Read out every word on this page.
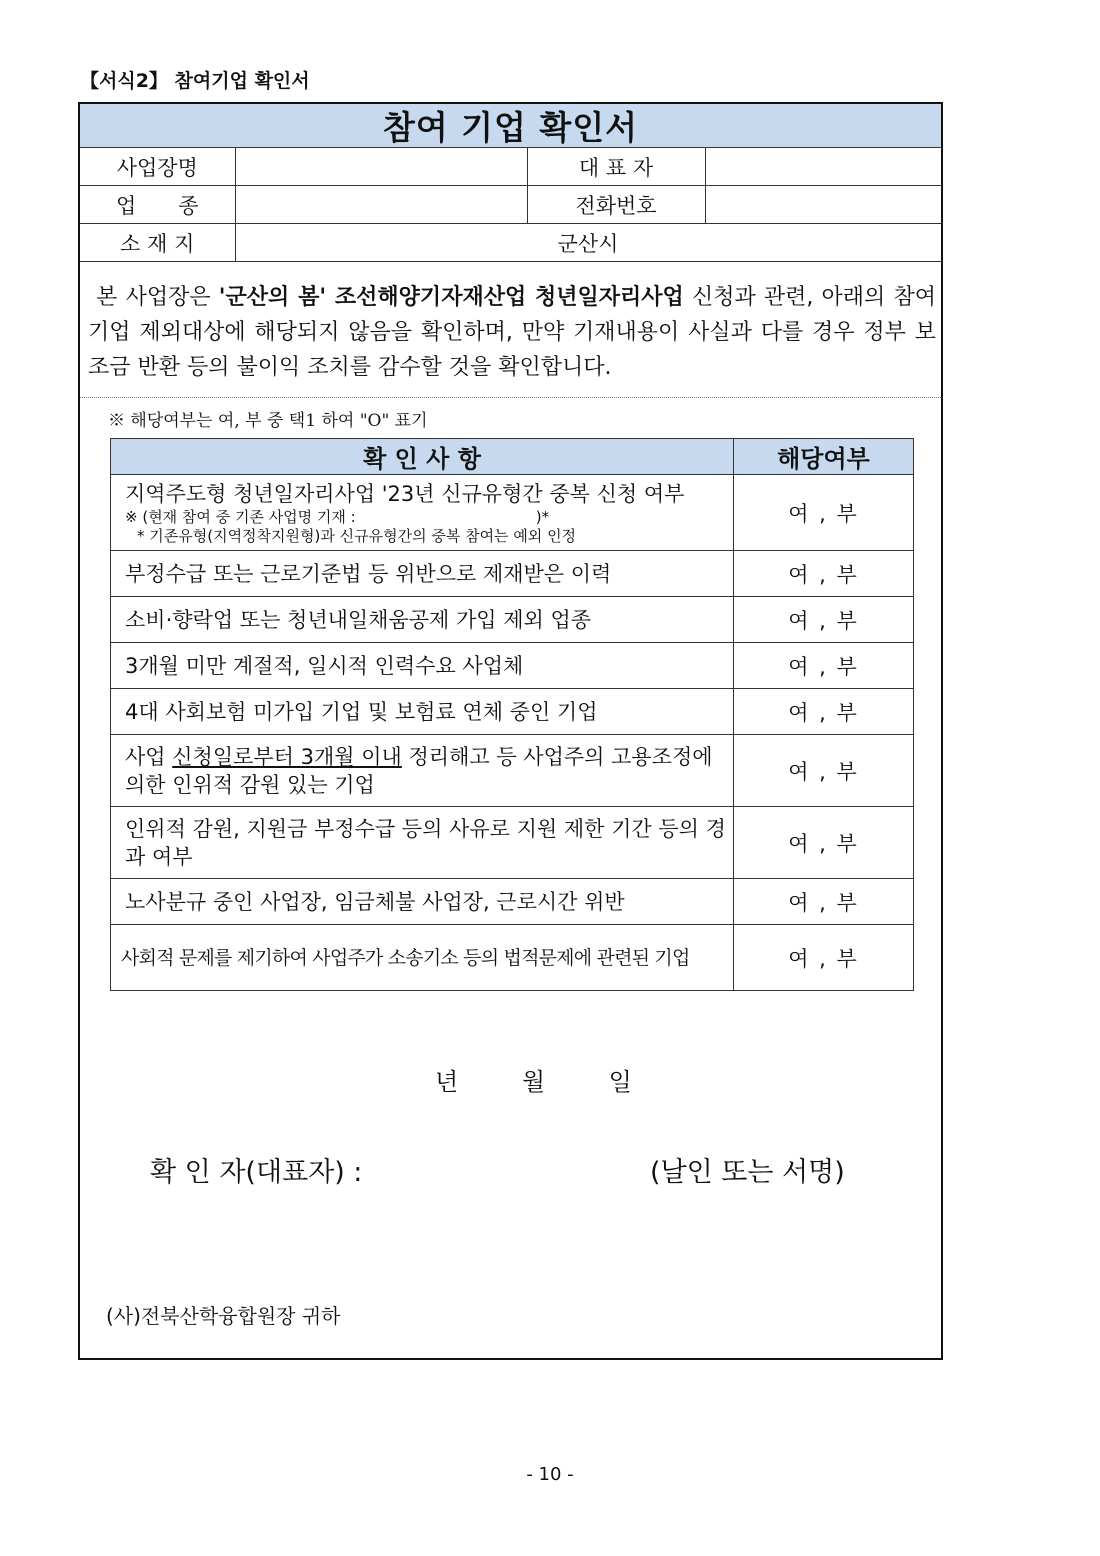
【서식2】 참여기업 확인서
참여 기업 확인서
사업장명		대 표 자	
업　　종		전화번호	
소 재 지	군산시		
본 사업장은 '군산의 봄' 조선해양기자재산업 청년일자리사업 신청과 관련, 아래의 참여기업 제외대상에 해당되지 않음을 확인하며, 만약 기재내용이 사실과 다를 경우 정부 보조금 반환 등의 불이익 조치를 감수할 것을 확인합니다.
※ 해당여부는 여, 부 중 택1 하여 "O" 표기
확 인 사 항	해당여부
지역주도형 청년일자리사업 '23년 신규유형간 중복 신청 여부
※ (현재 참여 중 기존 사업명 기재 :　　　　　　　　　　　　)*
* 기존유형(지역정착지원형)과 신규유형간의 중복 참여는 예외 인정	여 , 부
부정수급 또는 근로기준법 등 위반으로 제재받은 이력	여 , 부
소비·향락업 또는 청년내일채움공제 가입 제외 업종	여 , 부
3개월 미만 계절적, 일시적 인력수요 사업체	여 , 부
4대 사회보험 미가입 기업 및 보험료 연체 중인 기업	여 , 부
사업 신청일로부터 3개월 이내 정리해고 등 사업주의 고용조정에 의한 인위적 감원 있는 기업	여 , 부
인위적 감원, 지원금 부정수급 등의 사유로 지원 제한 기간 등의 경과 여부	여 , 부
노사분규 중인 사업장, 임금체불 사업장, 근로시간 위반	여 , 부
사회적 문제를 제기하여 사업주가 소송기소 등의 법적문제에 관련된 기업	여 , 부
년 월 일
확 인 자(대표자) :	(날인 또는 서명)
(사)전북산학융합원장 귀하
- 10 -
